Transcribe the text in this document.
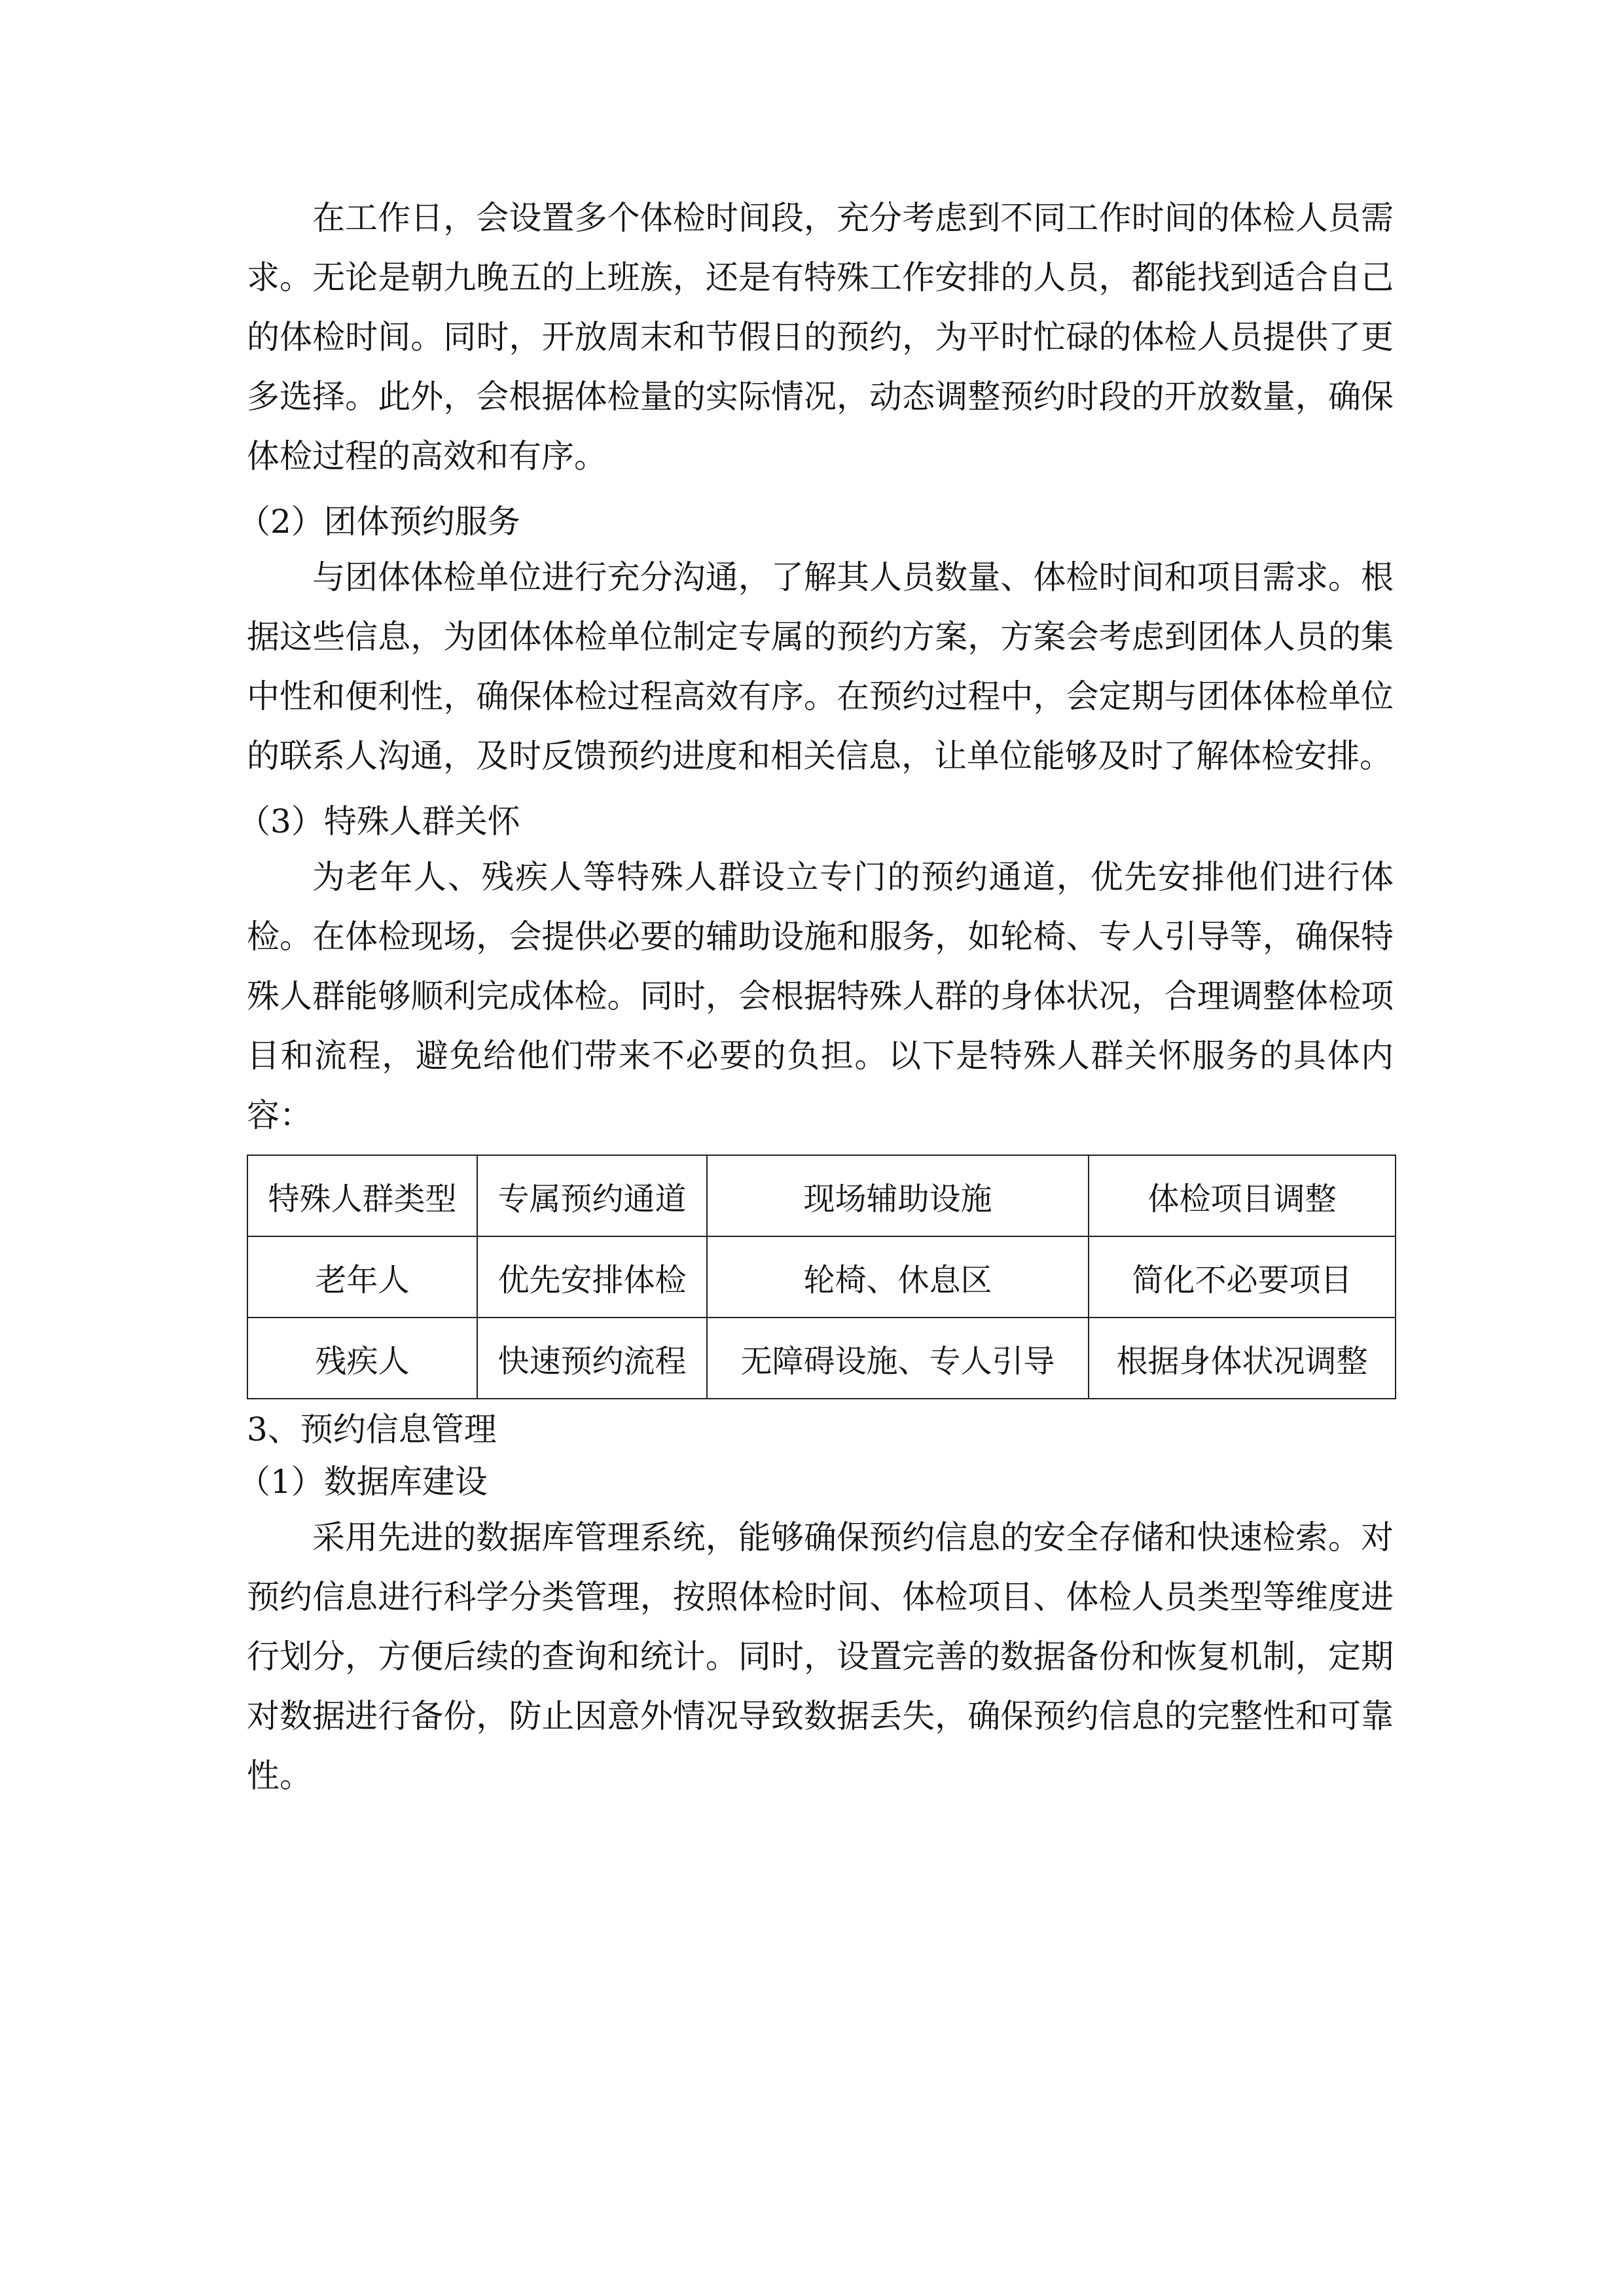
在工作日，会设置多个体检时间段，充分考虑到不同工作时间的体检人员需求。无论是朝九晚五的上班族，还是有特殊工作安排的人员，都能找到适合自己的体检时间。同时，开放周末和节假日的预约，为平时忙碌的体检人员提供了更多选择。此外，会根据体检量的实际情况，动态调整预约时段的开放数量，确保体检过程的高效和有序。

（2）团体预约服务

与团体体检单位进行充分沟通，了解其人员数量、体检时间和项目需求。根据这些信息，为团体体检单位制定专属的预约方案，方案会考虑到团体人员的集中性和便利性，确保体检过程高效有序。在预约过程中，会定期与团体体检单位的联系人沟通，及时反馈预约进度和相关信息，让单位能够及时了解体检安排。

（3）特殊人群关怀

为老年人、残疾人等特殊人群设立专门的预约通道，优先安排他们进行体检。在体检现场，会提供必要的辅助设施和服务，如轮椅、专人引导等，确保特殊人群能够顺利完成体检。同时，会根据特殊人群的身体状况，合理调整体检项目和流程，避免给他们带来不必要的负担。以下是特殊人群关怀服务的具体内容：

特殊人群类型	专属预约通道	现场辅助设施	体检项目调整
老年人	优先安排体检	轮椅、休息区	简化不必要项目
残疾人	快速预约流程	无障碍设施、专人引导	根据身体状况调整
3、预约信息管理
（1）数据库建设

采用先进的数据库管理系统，能够确保预约信息的安全存储和快速检索。对预约信息进行科学分类管理，按照体检时间、体检项目、体检人员类型等维度进行划分，方便后续的查询和统计。同时，设置完善的数据备份和恢复机制，定期对数据进行备份，防止因意外情况导致数据丢失，确保预约信息的完整性和可靠性。
